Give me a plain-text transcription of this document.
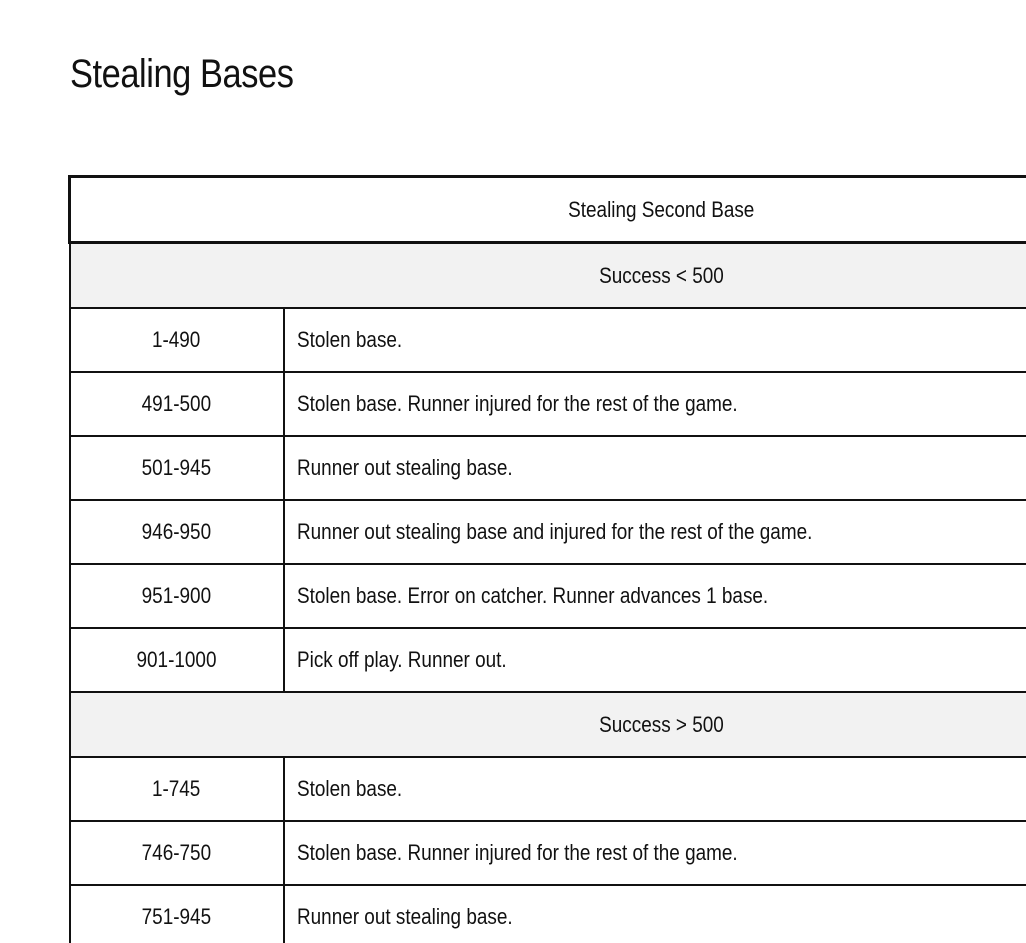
Stealing Bases
Stealing Second Base	
Success < 500	
1-490	Stolen base.
491-500	Stolen base. Runner injured for the rest of the game.
501-945	Runner out stealing base.
946-950	Runner out stealing base and injured for the rest of the game.
951-900	Stolen base. Error on catcher. Runner advances 1 base.
901-1000	Pick off play. Runner out.
Success > 500	
1-745	Stolen base.
746-750	Stolen base. Runner injured for the rest of the game.
751-945	Runner out stealing base.
